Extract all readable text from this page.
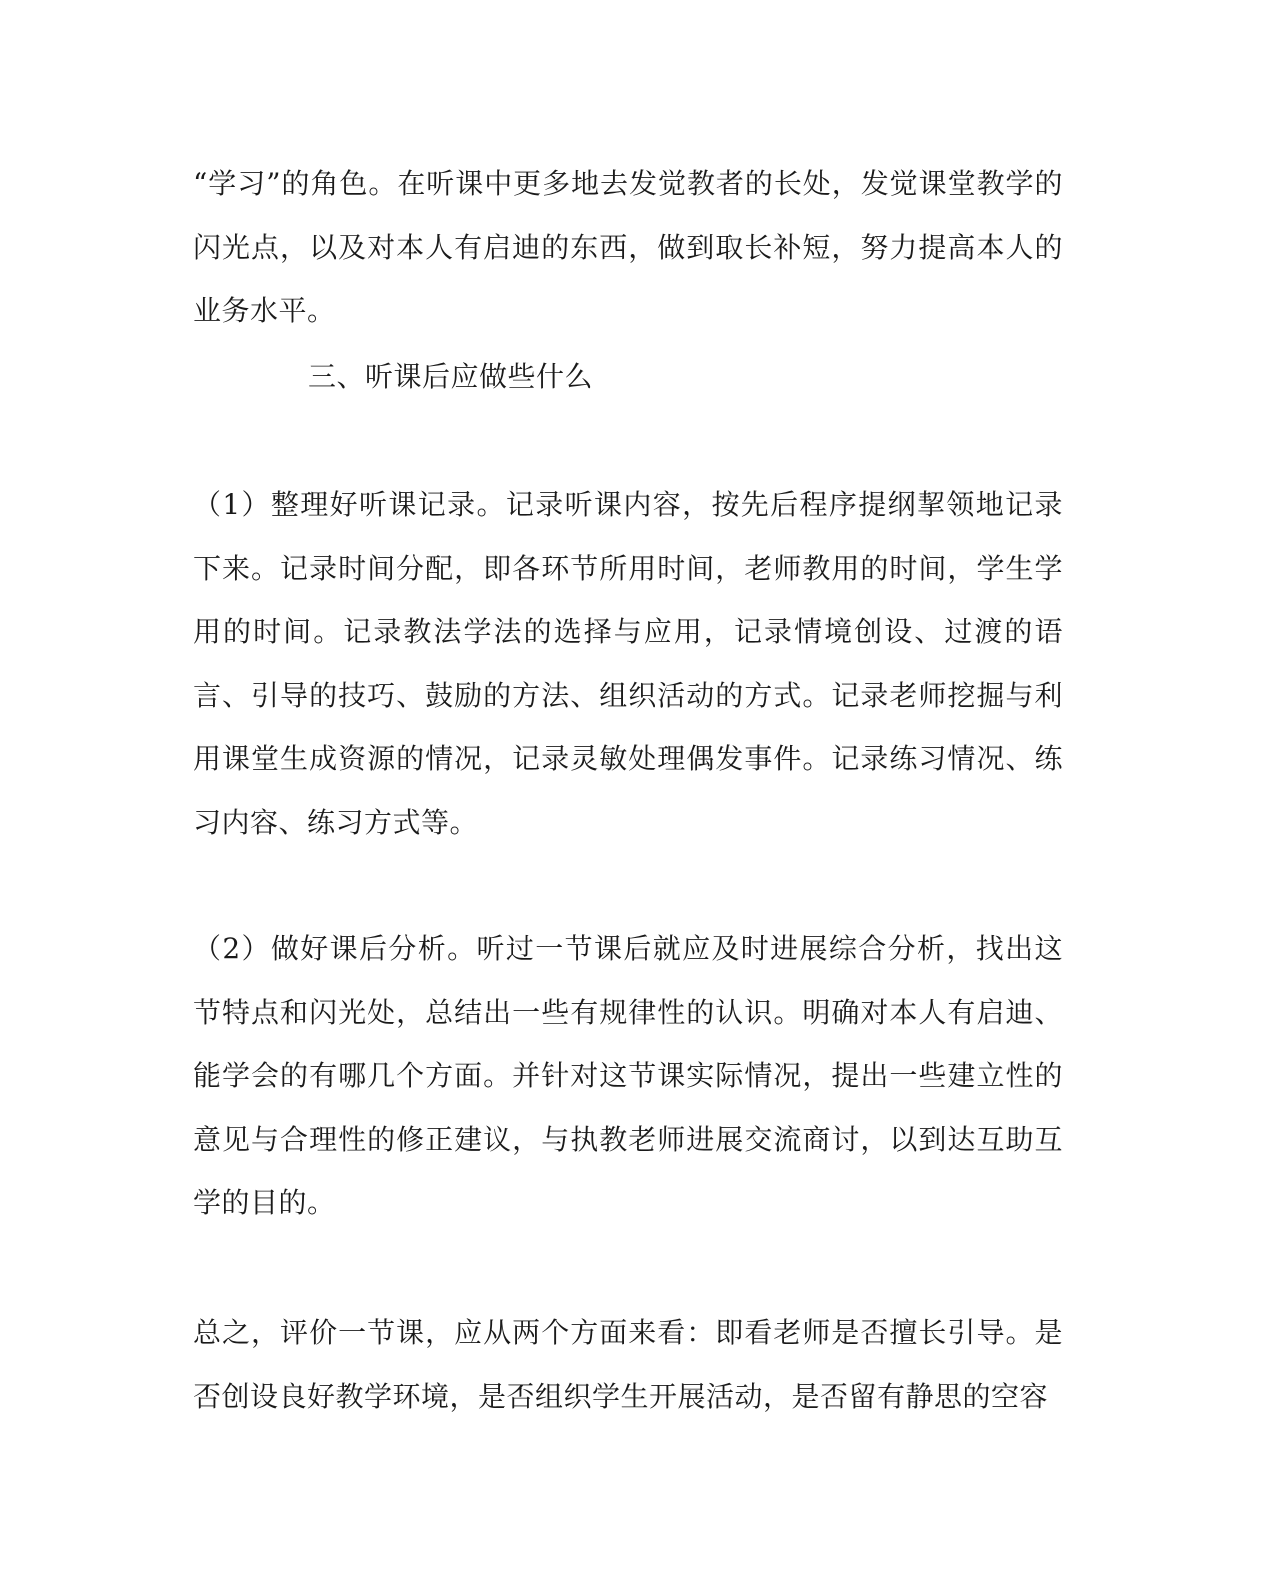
“学习”的角色。在听课中更多地去发觉教者的长处，发觉课堂教学的闪光点，以及对本人有启迪的东西，做到取长补短，努力提高本人的业务水平。

三、听课后应做些什么

（1）整理好听课记录。记录听课内容，按先后程序提纲挈领地记录下来。记录时间分配，即各环节所用时间，老师教用的时间，学生学用的时间。记录教法学法的选择与应用，记录情境创设、过渡的语言、引导的技巧、鼓励的方法、组织活动的方式。记录老师挖掘与利用课堂生成资源的情况，记录灵敏处理偶发事件。记录练习情况、练习内容、练习方式等。

（2）做好课后分析。听过一节课后就应及时进展综合分析，找出这节特点和闪光处，总结出一些有规律性的认识。明确对本人有启迪、能学会的有哪几个方面。并针对这节课实际情况，提出一些建立性的意见与合理性的修正建议，与执教老师进展交流商讨，以到达互助互学的目的。

总之，评价一节课，应从两个方面来看：即看老师是否擅长引导。是否创设良好教学环境，是否组织学生开展活动，是否留有静思的空容
